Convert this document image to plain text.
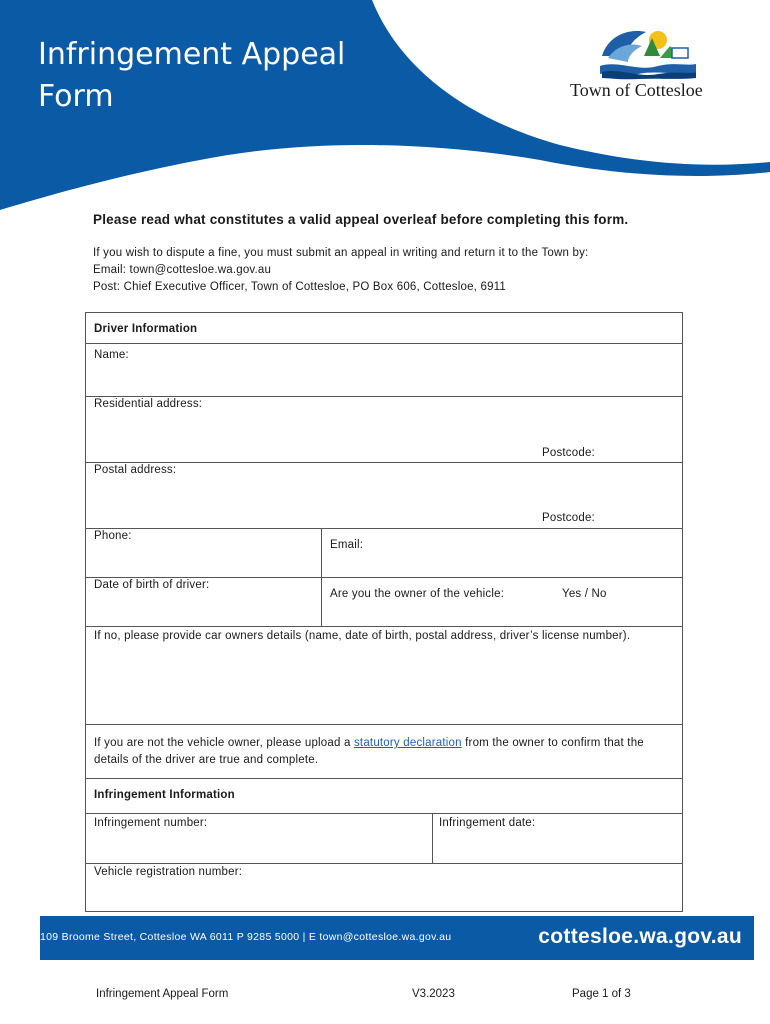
Infringement Appeal Form	Town of Cottesloe
Please read what constitutes a valid appeal overleaf before completing this form.
If you wish to dispute a fine, you must submit an appeal in writing and return it to the Town by:
Email: town@cottesloe.wa.gov.au
Post: Chief Executive Officer, Town of Cottesloe, PO Box 606, Cottesloe, 6911
Driver Information
Name:
Residential address:
Postcode:
Postal address:
Postcode:
Phone:
Email:
Date of birth of driver:
Are you the owner of the vehicle:	Yes / No
If no, please provide car owners details (name, date of birth, postal address, driver’s license number).
If you are not the vehicle owner, please upload a statutory declaration from the owner to confirm that the details of the driver are true and complete.
Infringement Information
Infringement number:	Infringement date:
Vehicle registration number:
109 Broome Street, Cottesloe WA 6011 P 9285 5000 | E town@cottesloe.wa.gov.au	cottesloe.wa.gov.au
Infringement Appeal Form	V3.2023	Page 1 of 3
